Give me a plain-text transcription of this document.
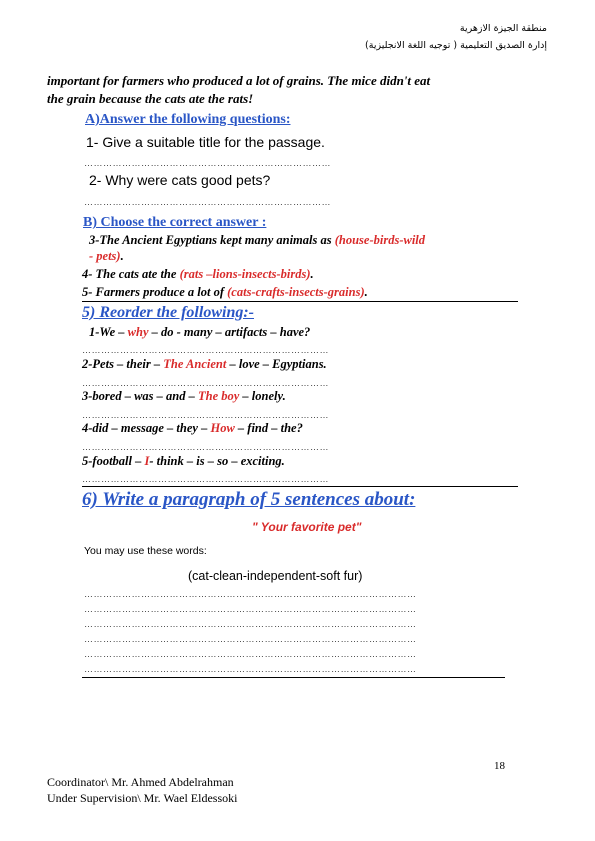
منطقة الجيزة الازهرية
إدارة الصديق التعليمية ( توجيه اللغة الانجليزية)
important for farmers who produced a lot of grains. The mice didn't eat
the grain because the cats ate the rats!
A)Answer the following questions:
1- Give a suitable title for the passage.
……………………………………………………………………
2- Why were cats good pets?
……………………………………………………………………
B) Choose the correct answer :
3-The Ancient Egyptians kept many animals as (house-birds-wild
- pets).
4- The cats ate the (rats –lions-insects-birds).
5- Farmers produce a lot of (cats-crafts-insects-grains).
5) Reorder the following:-
1-We – why – do - many – artifacts – have?
……………………………………………………………………
2-Pets – their – The Ancient – love – Egyptians.
……………………………………………………………………
3-bored – was – and – The boy – lonely.
……………………………………………………………………
4-did – message – they – How – find – the?
……………………………………………………………………
5-football – I- think – is – so – exciting.
……………………………………………………………………
6) Write a paragraph of 5 sentences about:
" Your favorite pet"
You may use these words:
(cat-clean-independent-soft fur)
……………………………………………………………………………………………
……………………………………………………………………………………………
……………………………………………………………………………………………
……………………………………………………………………………………………
……………………………………………………………………………………………
……………………………………………………………………………………………
18
Coordinator\ Mr. Ahmed Abdelrahman
Under Supervision\ Mr. Wael Eldessoki
